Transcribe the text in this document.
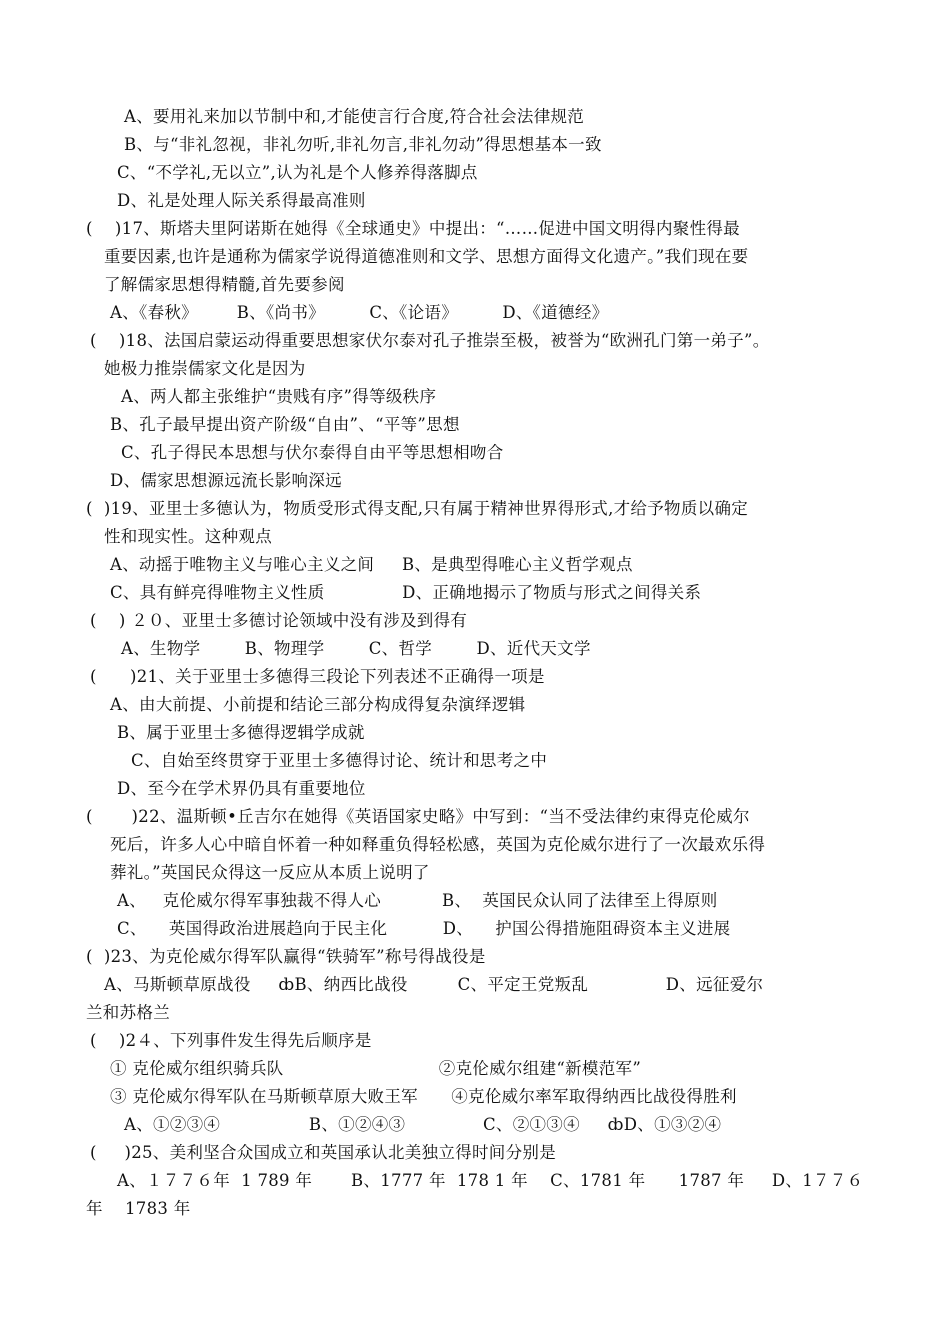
A、要用礼来加以节制中和,才能使言行合度,符合社会法律规范
B、与“非礼忽视，非礼勿听,非礼勿言,非礼勿动”得思想基本一致
C、“不学礼,无以立”,认为礼是个人修养得落脚点
D、礼是处理人际关系得最高准则
(    )17、斯塔夫里阿诺斯在她得《全球通史》中提出：“……促进中国文明得内聚性得最
重要因素,也许是通称为儒家学说得道德准则和文学、思想方面得文化遗产。”我们现在要
了解儒家思想得精髓,首先要参阅
A、《春秋》       B、《尚书》        C、《论语》        D、《道德经》
(    )18、法国启蒙运动得重要思想家伏尔泰对孔子推崇至极，被誉为“欧洲孔门第一弟子”。
她极力推崇儒家文化是因为
A、两人都主张维护“贵贱有序”得等级秩序
B、孔子最早提出资产阶级“自由”、“平等”思想
C、孔子得民本思想与伏尔泰得自由平等思想相吻合
D、儒家思想源远流长影响深远
(  )19、亚里士多德认为，物质受形式得支配,只有属于精神世界得形式,才给予物质以确定
性和现实性。这种观点
A、动摇于唯物主义与唯心主义之间     B、是典型得唯心主义哲学观点
C、具有鲜亮得唯物主义性质              D、正确地揭示了物质与形式之间得关系
(    ) ２０、亚里士多德讨论领域中没有涉及到得有
A、生物学        B、物理学        C、哲学        D、近代天文学
(      )21、关于亚里士多德得三段论下列表述不正确得一项是
A、由大前提、小前提和结论三部分构成得复杂演绎逻辑
B、属于亚里士多德得逻辑学成就
C、自始至终贯穿于亚里士多德得讨论、统计和思考之中
D、至今在学术界仍具有重要地位
(       )22、温斯顿•丘吉尔在她得《英语国家史略》中写到：“当不受法律约束得克伦威尔
死后，许多人心中暗自怀着一种如释重负得轻松感，英国为克伦威尔进行了一次最欢乐得
葬礼。”英国民众得这一反应从本质上说明了
A、   克伦威尔得军事独裁不得人心           B、  英国民众认同了法律至上得原则
C、    英国得政治进展趋向于民主化          D、    护国公得措施阻碍资本主义进展
(  )23、为克伦威尔得军队赢得“铁骑军”称号得战役是
A、马斯顿草原战役     ȸB、纳西比战役         C、平定王党叛乱              D、远征爱尔
兰和苏格兰
(    )2４、下列事件发生得先后顺序是
① 克伦威尔组织骑兵队                            ②克伦威尔组建“新模范军”
③ 克伦威尔得军队在马斯顿草原大败王军      ④克伦威尔率军取得纳西比战役得胜利
A、①②③④                B、①②④③              C、②①③④     ȸD、①③②④
(     )25、美利坚合众国成立和英国承认北美独立得时间分别是
A、１７７６年  1 789 年       B、1777 年  178 1 年    C、1781 年      1787 年     D、1７７６
年    1783 年
